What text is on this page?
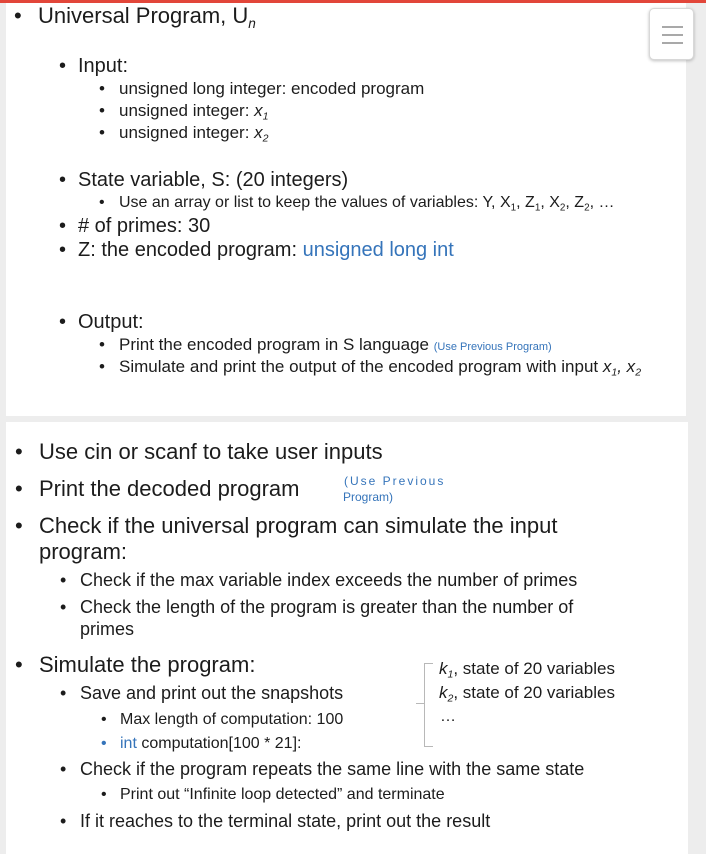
• Universal Program, $U_n$
• Input:
• unsigned long integer: encoded program
• unsigned integer: $x_1$
• unsigned integer: $x_2$
• State variable, S: (20 integers)
• Use an array or list to keep the values of variables: Y, $X_1$, $Z_1$, $X_2$, $Z_2$, …
• # of primes: 30
• Z: the encoded program: unsigned long int
• Output:
• Print the encoded program in S language (Use Previous Program)
• Simulate and print the output of the encoded program with input $x_1$, $x_2$
• Use cin or scanf to take user inputs
• Print the decoded program	(Use Previous
Program)
• Check if the universal program can simulate the input
program:
• Check if the max variable index exceeds the number of primes
• Check the length of the program is greater than the number of
primes
• Simulate the program:
• Save and print out the snapshots
• Max length of computation: 100
• int computation[100 * 21]:
• Check if the program repeats the same line with the same state
• Print out “Infinite loop detected” and terminate
• If it reaches to the terminal state, print out the result
$k_1$, state of 20 variables
$k_2$, state of 20 variables
…
